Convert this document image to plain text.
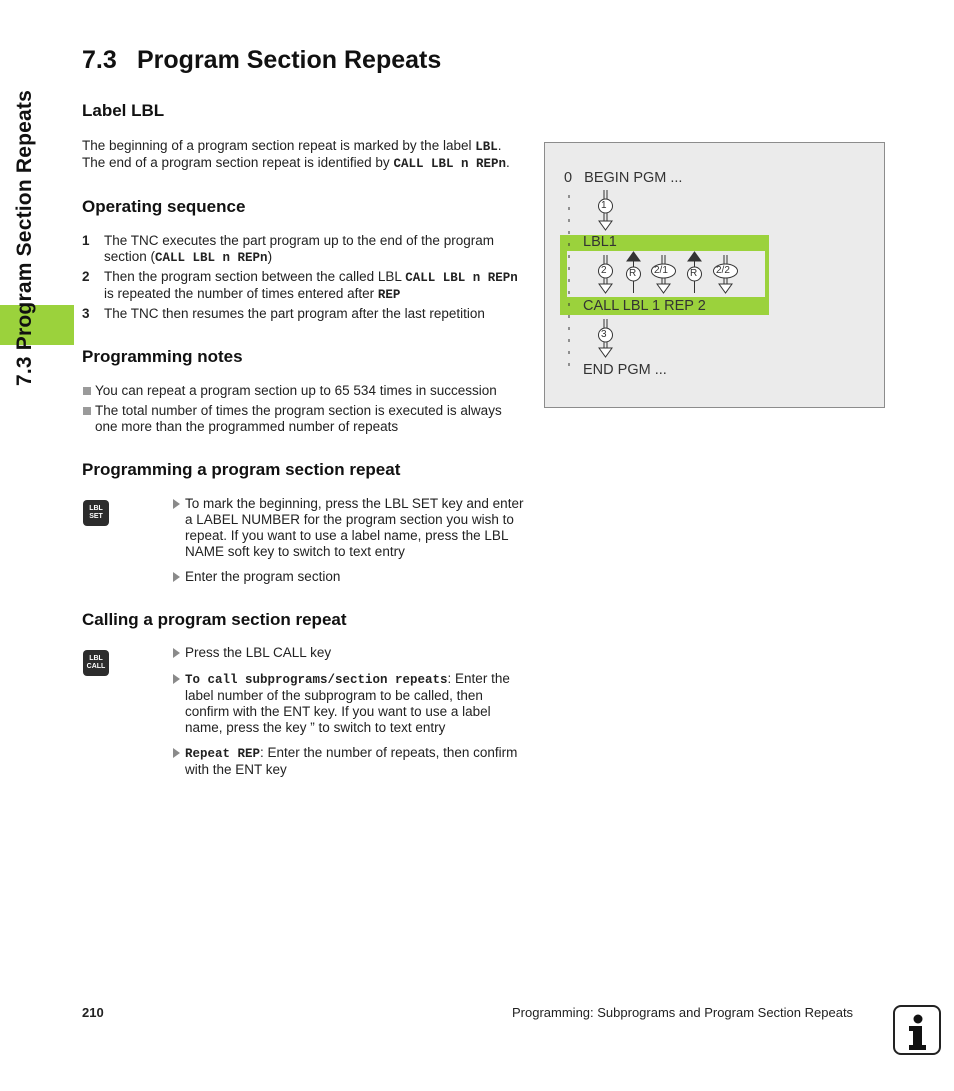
7.3 Program Section Repeats
7.3 Program Section Repeats
Label LBL

The beginning of a program section repeat is marked by the label LBL.
The end of a program section repeat is identified by CALL LBL n REPn.

Operating sequence
1 The TNC executes the part program up to the end of the program section (CALL LBL n REPn)
2 Then the program section between the called LBL CALL LBL n REPn
is repeated the number of times entered after REP
3 The TNC then resumes the part program after the last repetition
Programming notes
You can repeat a program section up to 65 534 times in succession
The total number of times the program section is executed is always one more than the programmed number of repeats
Programming a program section repeat
LBL
SET
To mark the beginning, press the LBL SET key and enter a LABEL NUMBER for the program section you wish to repeat. If you want to use a label name, press the LBL NAME soft key to switch to text entry
Enter the program section
Calling a program section repeat
LBL
CALL
Press the LBL CALL key
To call subprograms/section repeats: Enter the label number of the subprogram to be called, then confirm with the ENT key. If you want to use a label name, press the key ” to switch to text entry
Repeat REP: Enter the number of repeats, then confirm with the ENT key
0 BEGIN PGM ...
LBL1
CALL LBL 1 REP 2
END PGM ...
1
2 R 2/1 R 2/2
3
210	Programming: Subprograms and Program Section Repeats
